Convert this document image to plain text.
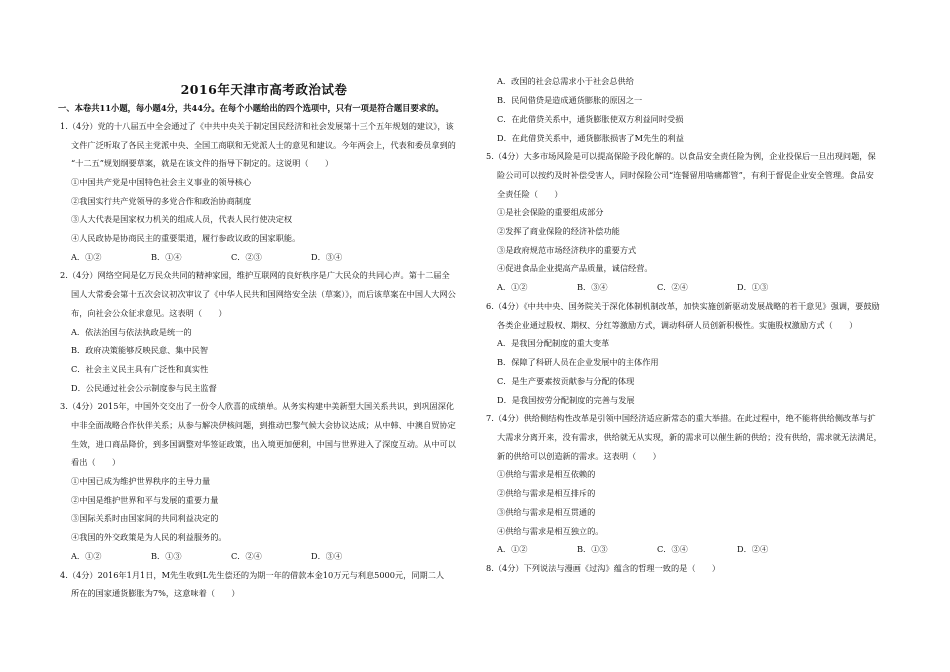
2016年天津市高考政治试卷
一、本卷共11小题，每小题4分，共44分。在每个小题给出的四个选项中，只有一项是符合题目要求的。
1.（4分）党的十八届五中全会通过了《中共中央关于制定国民经济和社会发展第十三个五年规划的建议》，该
文件广泛听取了各民主党派中央、全国工商联和无党派人士的意见和建议。今年两会上，代表和委员拿到的
“十二五”规划纲要草案，就是在该文件的指导下制定的。这说明（　　）
①中国共产党是中国特色社会主义事业的领导核心
②我国实行共产党领导的多党合作和政治协商制度
③人大代表是国家权力机关的组成人员，代表人民行使决定权
④人民政协是协商民主的重要渠道，履行参政议政的国家职能。
A．①②	B．①④	C．②③	D．③④
2.（4分）网络空间是亿万民众共同的精神家园，维护互联网的良好秩序是广大民众的共同心声。第十二届全
国人大常委会第十五次会议初次审议了《中华人民共和国网络安全法（草案）》，而后该草案在中国人大网公
布，向社会公众征求意见。这表明（　　）
A．依法治国与依法执政是统一的
B．政府决策能够反映民意、集中民智
C．社会主义民主具有广泛性和真实性
D．公民通过社会公示制度参与民主监督
3.（4分）2015年，中国外交交出了一份令人欣喜的成绩单。从务实构建中美新型大国关系共识，到巩固深化
中非全面战略合作伙伴关系；从参与解决伊核问题，到推动巴黎气候大会协议达成；从中韩、中澳自贸协定
生效，进口商品降价，到多国调整对华签证政策，出入境更加便利，中国与世界进入了深度互动。从中可以
看出（　　）
①中国已成为维护世界秩序的主导力量
②中国是维护世界和平与发展的重要力量
③国际关系时由国家间的共同利益决定的
④我国的外交政策是为人民的利益服务的。
A．①②	B．①③	C．②④	D．③④
4.（4分）2016年1月1日，M先生收到L先生偿还的为期一年的借款本金10万元与利息5000元，同期二人
所在的国家通货膨胀为7%，这意味着（　　）
A．改国的社会总需求小于社会总供给
B．民间借贷是造成通货膨胀的原因之一
C．在此借贷关系中，通货膨胀使双方利益同时受损
D．在此借贷关系中，通货膨胀损害了M先生的利益
5.（4分）大多市场风险是可以提高保险予段化解的。以食品安全责任险为例，企业投保后一旦出现问题，保
险公司可以按约及时补偿受害人，同时保险公司“连餐留用啥痛都管”，有利于督促企业安全管理。食品安
全责任险（　　）
①是社会保险的重要组成部分
②发挥了商业保险的经济补偿功能
③是政府规范市场经济秩序的重要方式
④促进食品企业提高产品质量，诚信经营。
A．①②	B．③④	C．②④	D．①③
6.（4分）《中共中央、国务院关于深化体制机制改革，加快实施创新驱动发展战略的若干意见》强调，要鼓励
各类企业通过股权、期权、分红等激励方式，调动科研人员创新积极性。实施股权激励方式（　　）
A．是我国分配制度的重大变革
B．保障了科研人员在企业发展中的主体作用
C．是生产要素按贡献参与分配的体现
D．是我国按劳分配制度的完善与发展
7.（4分）供给侧结构性改革是引领中国经济适应新常态的重大举措。在此过程中，绝不能将供给侧改革与扩
大需求分离开来，没有需求，供给就无从实现，新的需求可以催生新的供给；没有供给，需求就无法满足，
新的供给可以创造新的需求。这表明（　　）
①供给与需求是相互依赖的
②供给与需求是相互排斥的
③供给与需求是相互贯通的
④供给与需求是相互独立的。
A．①②	B．①③	C．③④	D．②④
8.（4分）下列说法与漫画《过沟》蕴含的哲理一致的是（　　）
